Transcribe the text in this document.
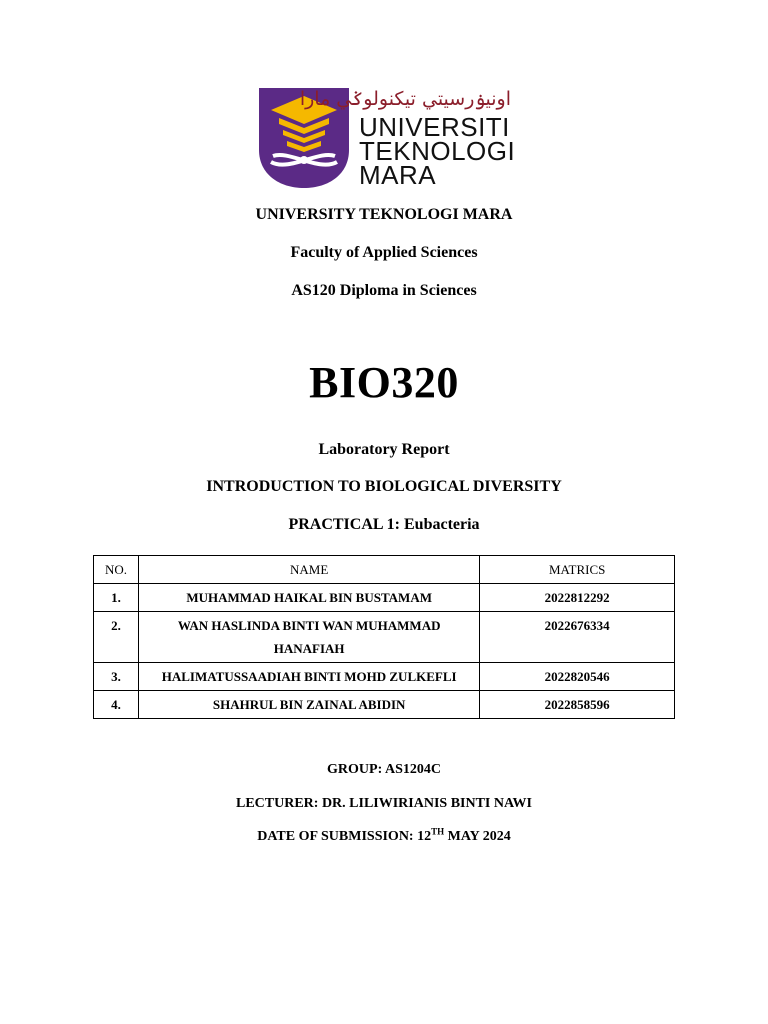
اونيۏرسيتي تيكنولوݢي مارا
UNIVERSITI
TEKNOLOGI
MARA
UNIVERSITY TEKNOLOGI MARA
Faculty of Applied Sciences
AS120 Diploma in Sciences
BIO320
Laboratory Report
INTRODUCTION TO BIOLOGICAL DIVERSITY
PRACTICAL 1: Eubacteria
NO.	NAME	MATRICS
1.	MUHAMMAD HAIKAL BIN BUSTAMAM	2022812292
2.	WAN HASLINDA BINTI WAN MUHAMMAD HANAFIAH	2022676334
3.	HALIMATUSSAADIAH BINTI MOHD ZULKEFLI	2022820546
4.	SHAHRUL BIN ZAINAL ABIDIN	2022858596
GROUP: AS1204C
LECTURER: DR. LILIWIRIANIS BINTI NAWI
DATE OF SUBMISSION: 12TH MAY 2024
